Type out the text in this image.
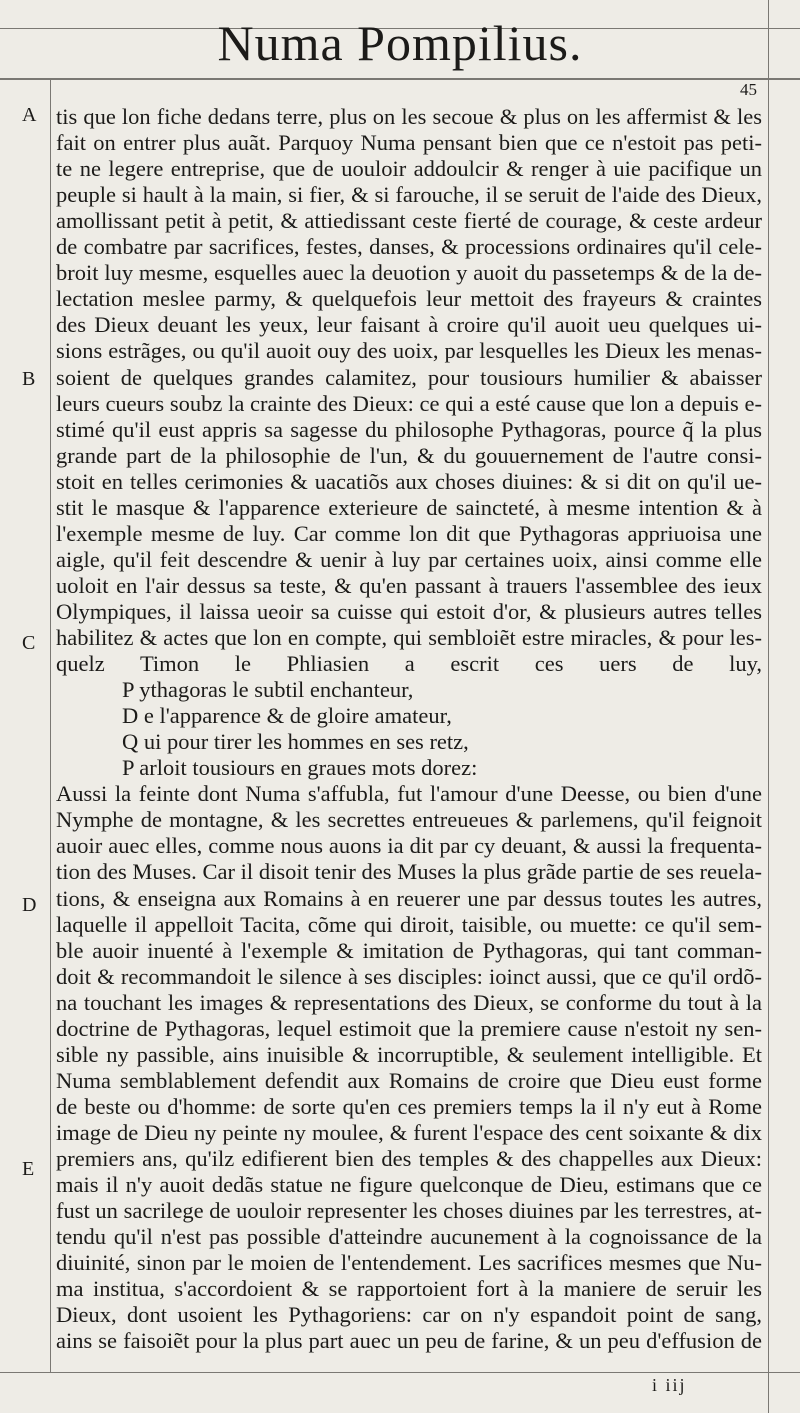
Numa Pompilius.
45
A
B
C
D
E
tis que lon fiche dedans terre, plus on les secoue & plus on les affermist & les
fait on entrer plus auãt. Parquoy Numa pensant bien que ce n'estoit pas peti-
te ne legere entreprise, que de uouloir addoulcir & renger à uie pacifique un
peuple si hault à la main, si fier, & si farouche, il se seruit de l'aide des Dieux,
amollissant petit à petit, & attiedissant ceste fierté de courage, & ceste ardeur
de combatre par sacrifices, festes, danses, & processions ordinaires qu'il cele-
broit luy mesme, esquelles auec la deuotion y auoit du passetemps & de la de-
lectation meslee parmy, & quelquefois leur mettoit des frayeurs & craintes
des Dieux deuant les yeux, leur faisant à croire qu'il auoit ueu quelques ui-
sions estrãges, ou qu'il auoit ouy des uoix, par lesquelles les Dieux les menas-
soient de quelques grandes calamitez, pour tousiours humilier & abaisser
leurs cueurs soubz la crainte des Dieux: ce qui a esté cause que lon a depuis e-
stimé qu'il eust appris sa sagesse du philosophe Pythagoras, pource q̃ la plus
grande part de la philosophie de l'un, & du gouuernement de l'autre consi-
stoit en telles cerimonies & uacatiõs aux choses diuines: & si dit on qu'il ue-
stit le masque & l'apparence exterieure de saincteté, à mesme intention & à
l'exemple mesme de luy. Car comme lon dit que Pythagoras appriuoisa une
aigle, qu'il feit descendre & uenir à luy par certaines uoix, ainsi comme elle
uoloit en l'air dessus sa teste, & qu'en passant à trauers l'assemblee des ieux
Olympiques, il laissa ueoir sa cuisse qui estoit d'or, & plusieurs autres telles
habilitez & actes que lon en compte, qui sembloiẽt estre miracles, & pour les-
quelz Timon le Phliasien a escrit ces uers de luy,
P ythagoras le subtil enchanteur,
D e l'apparence & de gloire amateur,
Q ui pour tirer les hommes en ses retz,
P arloit tousiours en graues mots dorez:
Aussi la feinte dont Numa s'affubla, fut l'amour d'une Deesse, ou bien d'une
Nymphe de montagne, & les secrettes entreueues & parlemens, qu'il feignoit
auoir auec elles, comme nous auons ia dit par cy deuant, & aussi la frequenta-
tion des Muses. Car il disoit tenir des Muses la plus grãde partie de ses reuela-
tions, & enseigna aux Romains à en reuerer une par dessus toutes les autres,
laquelle il appelloit Tacita, cõme qui diroit, taisible, ou muette: ce qu'il sem-
ble auoir inuenté à l'exemple & imitation de Pythagoras, qui tant comman-
doit & recommandoit le silence à ses disciples: ioinct aussi, que ce qu'il ordõ-
na touchant les images & representations des Dieux, se conforme du tout à la
doctrine de Pythagoras, lequel estimoit que la premiere cause n'estoit ny sen-
sible ny passible, ains inuisible & incorruptible, & seulement intelligible. Et
Numa semblablement defendit aux Romains de croire que Dieu eust forme
de beste ou d'homme: de sorte qu'en ces premiers temps la il n'y eut à Rome
image de Dieu ny peinte ny moulee, & furent l'espace des cent soixante & dix
premiers ans, qu'ilz edifierent bien des temples & des chappelles aux Dieux:
mais il n'y auoit dedãs statue ne figure quelconque de Dieu, estimans que ce
fust un sacrilege de uouloir representer les choses diuines par les terrestres, at-
tendu qu'il n'est pas possible d'atteindre aucunement à la cognoissance de la
diuinité, sinon par le moien de l'entendement. Les sacrifices mesmes que Nu-
ma institua, s'accordoient & se rapportoient fort à la maniere de seruir les
Dieux, dont usoient les Pythagoriens: car on n'y espandoit point de sang,
ains se faisoiẽt pour la plus part auec un peu de farine, & un peu d'effusion de
i iij
